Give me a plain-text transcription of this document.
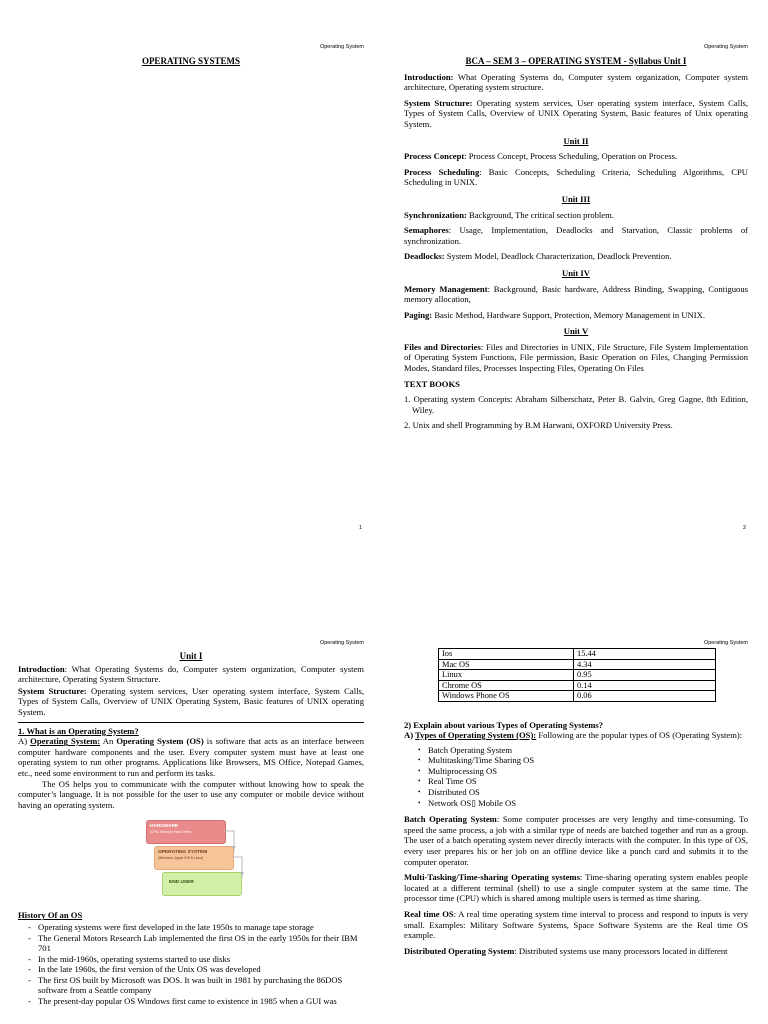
Operating System
OPERATING SYSTEMS
1
Operating System
BCA – SEM 3 – OPERATING SYSTEM - Syllabus Unit I

Introduction: What Operating Systems do, Computer system organization, Computer system architecture, Operating system structure.

System Structure: Operating system services, User operating system interface, System Calls, Types of System Calls, Overview of UNIX Operating System, Basic features of Unix operating System.

Unit II

Process Concept: Process Concept, Process Scheduling, Operation on Process.

Process Scheduling: Basic Concepts, Scheduling Criteria, Scheduling Algorithms, CPU Scheduling in UNIX.

Unit III

Synchronization: Background, The critical section problem.

Semaphores: Usage, Implementation, Deadlocks and Starvation, Classic problems of synchronization.

Deadlocks: System Model, Deadlock Characterization, Deadlock Prevention.

Unit IV

Memory Management: Background, Basic hardware, Address Binding, Swapping, Contiguous memory allocation,

Paging: Basic Method, Hardware Support, Protection, Memory Management in UNIX.

Unit V

Files and Directories: Files and Directories in UNIX, File Structure, File System Implementation of Operating System Functions, File permission, Basic Operation on Files, Changing Permission Modes, Standard files, Processes Inspecting Files, Operating On Files

TEXT BOOKS

1. Operating system Concepts: Abraham Silberschatz, Peter B. Galvin, Greg Gagne, 8th Edition, Wiley.

2. Unix and shell Programming by B.M Harwani, OXFORD University Press.

2
Operating System
Unit I

Introduction: What Operating Systems do, Computer system organization, Computer system architecture, Operating System Structure.

System Structure: Operating system services, User operating system interface, System Calls, Types of System Calls, Overview of UNIX Operating System, Basic features of UNIX operating System.

1. What is an Operating System?

A) Operating System: An Operating System (OS) is software that acts as an interface between computer hardware components and the user. Every computer system must have at least one operating system to run other programs. Applications like Browsers, MS Office, Notepad Games, etc., need some environment to run and perform its tasks.

The OS helps you to communicate with the computer without knowing how to speak the computer’s language. It is not possible for the user to use any computer or mobile device without having an operating system.

HARDWARE
(CPU, Memory, Hard Drive)
OPERATING SYSTEM
(Windows, Apple iOS & Linux)
END USER
History Of an OS
- Operating systems were first developed in the late 1950s to manage tape storage
- The General Motors Research Lab implemented the first OS in the early 1950s for their IBM 701
- In the mid-1960s, operating systems started to use disks
- In the late 1960s, the first version of the Unix OS was developed
- The first OS built by Microsoft was DOS. It was built in 1981 by purchasing the 86DOS software from a Seattle company
- The present-day popular OS Windows first came to existence in 1985 when a GUI was
Operating System
Ios	15.44
Mac OS	4.34
Linux	0.95
Chrome OS	0.14
Windows Phone OS	0.06
2) Explain about various Types of Operating Systems?

A) Types of Operating System (OS): Following are the popular types of OS (Operating System):

• Batch Operating System
• Multitasking/Time Sharing OS
• Multiprocessing OS
• Real Time OS
• Distributed OS
• Network OS▯ Mobile OS

Batch Operating System: Some computer processes are very lengthy and time-consuming. To speed the same process, a job with a similar type of needs are batched together and run as a group. The user of a batch operating system never directly interacts with the computer. In this type of OS, every user prepares his or her job on an offline device like a punch card and submits it to the computer operator.

Multi-Tasking/Time-sharing Operating systems: Time-sharing operating system enables people located at a different terminal (shell) to use a single computer system at the same time. The processor time (CPU) which is shared among multiple users is termed as time sharing.

Real time OS: A real time operating system time interval to process and respond to inputs is very small. Examples: Military Software Systems, Space Software Systems are the Real time OS example.

Distributed Operating System: Distributed systems use many processors located in different
